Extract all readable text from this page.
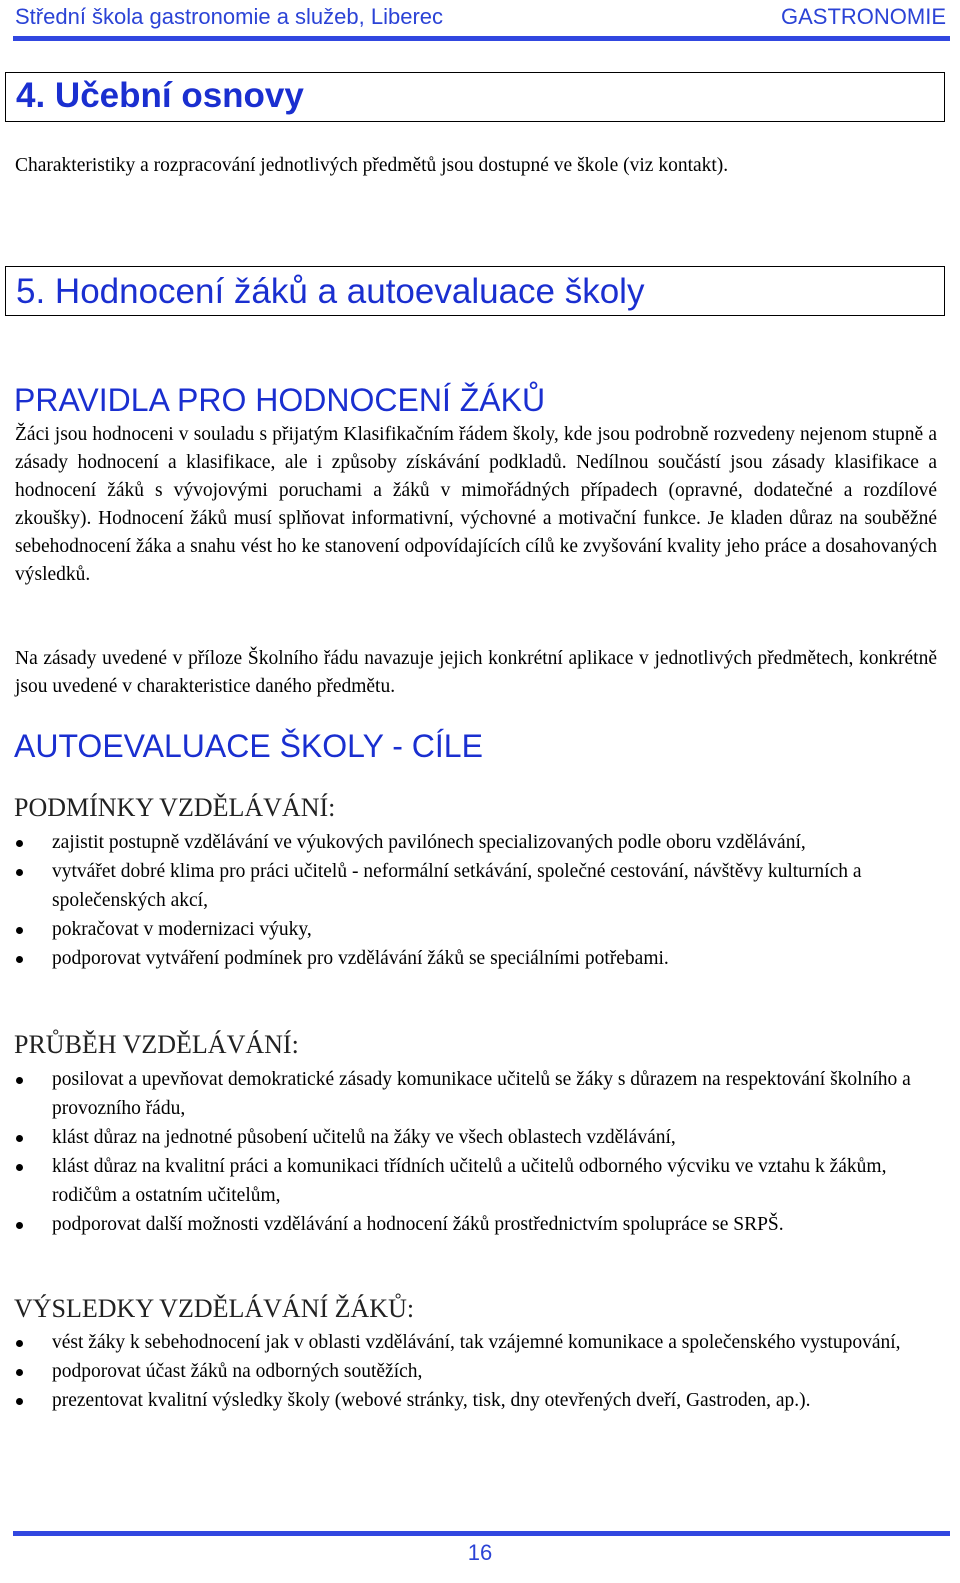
Střední škola gastronomie a služeb, Liberec	GASTRONOMIE
4. Učební osnovy
Charakteristiky a rozpracování jednotlivých předmětů jsou dostupné ve škole (viz kontakt).
5. Hodnocení žáků a autoevaluace školy
PRAVIDLA PRO HODNOCENÍ ŽÁKŮ
Žáci jsou hodnoceni v souladu s přijatým Klasifikačním řádem školy, kde jsou podrobně rozvedeny nejenom stupně a zásady hodnocení a klasifikace, ale i způsoby získávání podkladů. Nedílnou součástí jsou zásady klasifikace a hodnocení žáků s vývojovými poruchami a žáků v mimořádných případech (opravné, dodatečné a rozdílové zkoušky). Hodnocení žáků musí splňovat informativní, výchovné a motivační funkce. Je kladen důraz na souběžné sebehodnocení žáka a snahu vést ho ke stanovení odpovídajících cílů ke zvyšování kvality jeho práce a dosahovaných výsledků.
Na zásady uvedené v příloze Školního řádu navazuje jejich konkrétní aplikace v jednotlivých předmětech, konkrétně jsou uvedené v charakteristice daného předmětu.
AUTOEVALUACE ŠKOLY - CÍLE
PODMÍNKY VZDĚLÁVÁNÍ:
zajistit postupně vzdělávání ve výukových pavilónech specializovaných podle oboru vzdělávání,
vytvářet dobré klima pro práci učitelů - neformální setkávání, společné cestování, návštěvy kulturních a společenských akcí,
pokračovat v modernizaci výuky,
podporovat vytváření podmínek pro vzdělávání žáků se speciálními potřebami.
PRŮBĚH VZDĚLÁVÁNÍ:
posilovat a upevňovat demokratické zásady komunikace učitelů se žáky s důrazem na respektování školního a provozního řádu,
klást důraz na jednotné působení učitelů na žáky ve všech oblastech vzdělávání,
klást důraz na kvalitní práci a komunikaci třídních učitelů a učitelů odborného výcviku ve vztahu k žákům, rodičům a ostatním učitelům,
podporovat další možnosti vzdělávání a hodnocení žáků prostřednictvím spolupráce se SRPŠ.
VÝSLEDKY VZDĚLÁVÁNÍ ŽÁKŮ:
vést žáky k sebehodnocení jak v oblasti vzdělávání, tak vzájemné komunikace a společenského vystupování,
podporovat účast žáků na odborných soutěžích,
prezentovat kvalitní výsledky školy (webové stránky, tisk, dny otevřených dveří, Gastroden, ap.).
16
